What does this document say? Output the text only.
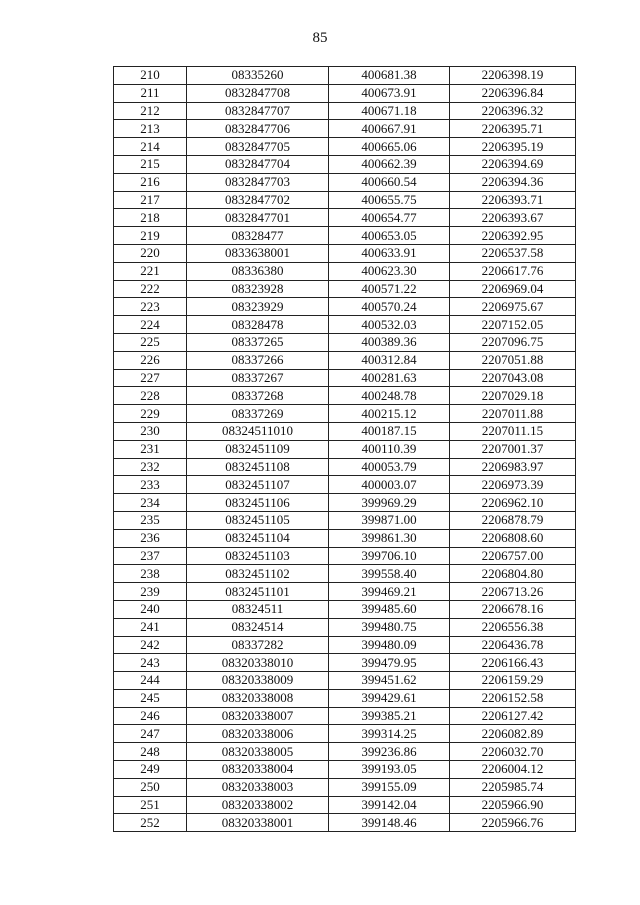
85
210	08335260	400681.38	2206398.19
211	0832847708	400673.91	2206396.84
212	0832847707	400671.18	2206396.32
213	0832847706	400667.91	2206395.71
214	0832847705	400665.06	2206395.19
215	0832847704	400662.39	2206394.69
216	0832847703	400660.54	2206394.36
217	0832847702	400655.75	2206393.71
218	0832847701	400654.77	2206393.67
219	08328477	400653.05	2206392.95
220	0833638001	400633.91	2206537.58
221	08336380	400623.30	2206617.76
222	08323928	400571.22	2206969.04
223	08323929	400570.24	2206975.67
224	08328478	400532.03	2207152.05
225	08337265	400389.36	2207096.75
226	08337266	400312.84	2207051.88
227	08337267	400281.63	2207043.08
228	08337268	400248.78	2207029.18
229	08337269	400215.12	2207011.88
230	08324511010	400187.15	2207011.15
231	0832451109	400110.39	2207001.37
232	0832451108	400053.79	2206983.97
233	0832451107	400003.07	2206973.39
234	0832451106	399969.29	2206962.10
235	0832451105	399871.00	2206878.79
236	0832451104	399861.30	2206808.60
237	0832451103	399706.10	2206757.00
238	0832451102	399558.40	2206804.80
239	0832451101	399469.21	2206713.26
240	08324511	399485.60	2206678.16
241	08324514	399480.75	2206556.38
242	08337282	399480.09	2206436.78
243	08320338010	399479.95	2206166.43
244	08320338009	399451.62	2206159.29
245	08320338008	399429.61	2206152.58
246	08320338007	399385.21	2206127.42
247	08320338006	399314.25	2206082.89
248	08320338005	399236.86	2206032.70
249	08320338004	399193.05	2206004.12
250	08320338003	399155.09	2205985.74
251	08320338002	399142.04	2205966.90
252	08320338001	399148.46	2205966.76
